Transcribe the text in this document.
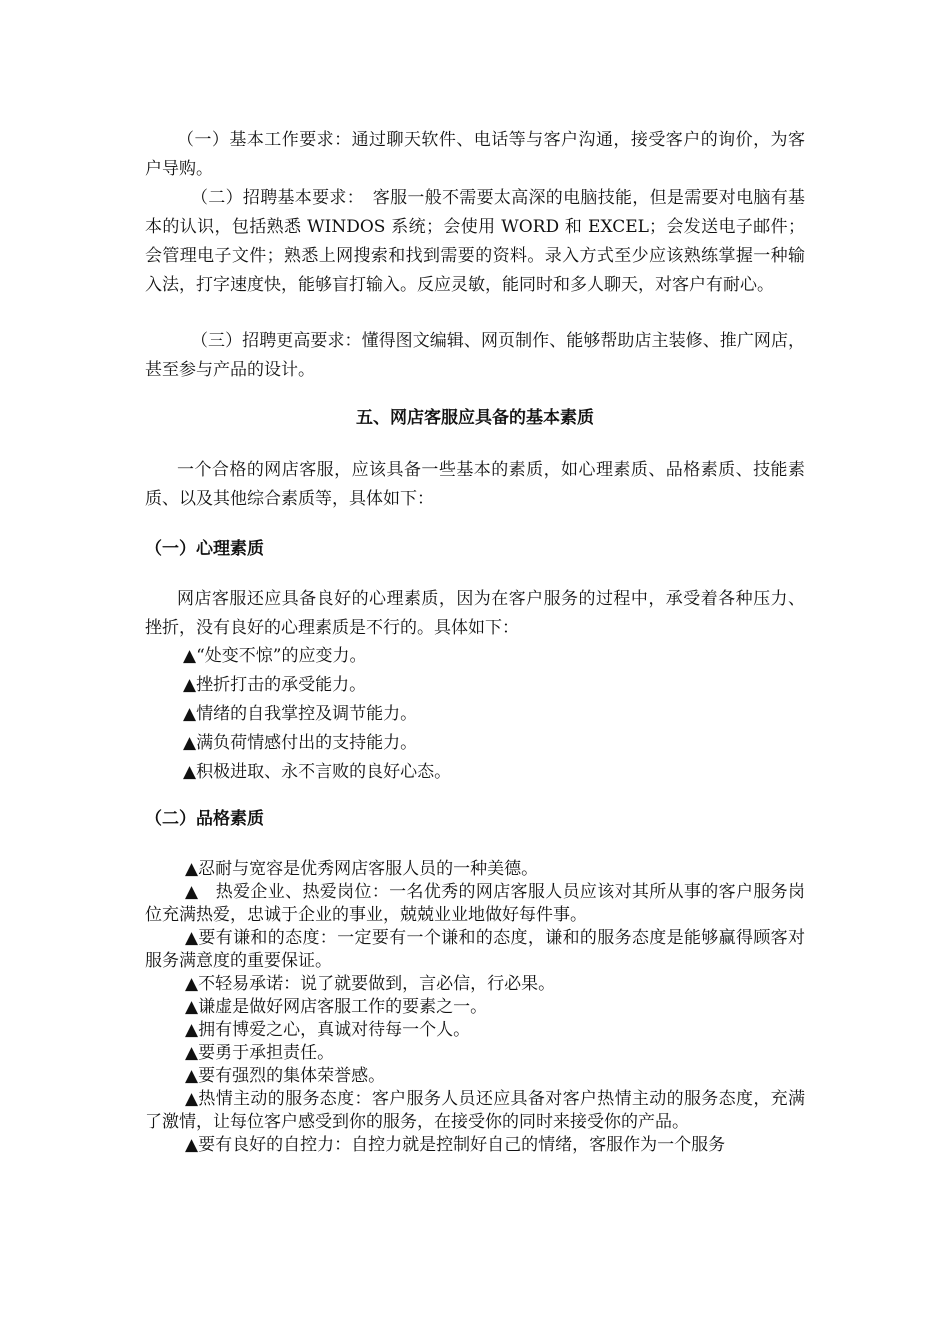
（一）基本工作要求：通过聊天软件、电话等与客户沟通，接受客户的询价，为客户导购。

（二）招聘基本要求：　客服一般不需要太高深的电脑技能，但是需要对电脑有基本的认识，包括熟悉 WINDOS 系统；会使用 WORD 和 EXCEL；会发送电子邮件；会管理电子文件；熟悉上网搜索和找到需要的资料。录入方式至少应该熟练掌握一种输入法，打字速度快，能够盲打输入。反应灵敏，能同时和多人聊天，对客户有耐心。

（三）招聘更高要求：懂得图文编辑、网页制作、能够帮助店主装修、推广网店，甚至参与产品的设计。

五、网店客服应具备的基本素质

一个合格的网店客服，应该具备一些基本的素质，如心理素质、品格素质、技能素质、以及其他综合素质等，具体如下：

（一）心理素质

网店客服还应具备良好的心理素质，因为在客户服务的过程中，承受着各种压力、挫折，没有良好的心理素质是不行的。具体如下：

▲“处变不惊”的应变力。
▲挫折打击的承受能力。
▲情绪的自我掌控及调节能力。
▲满负荷情感付出的支持能力。
▲积极进取、永不言败的良好心态。
（二）品格素质
▲忍耐与宽容是优秀网店客服人员的一种美德。
▲　热爱企业、热爱岗位：一名优秀的网店客服人员应该对其所从事的客户服务岗位充满热爱，忠诚于企业的事业，兢兢业业地做好每件事。
▲要有谦和的态度：一定要有一个谦和的态度，谦和的服务态度是能够赢得顾客对服务满意度的重要保证。
▲不轻易承诺：说了就要做到，言必信，行必果。
▲谦虚是做好网店客服工作的要素之一。
▲拥有博爱之心，真诚对待每一个人。
▲要勇于承担责任。
▲要有强烈的集体荣誉感。
▲热情主动的服务态度：客户服务人员还应具备对客户热情主动的服务态度，充满了激情，让每位客户感受到你的服务，在接受你的同时来接受你的产品。
▲要有良好的自控力：自控力就是控制好自己的情绪，客服作为一个服务
